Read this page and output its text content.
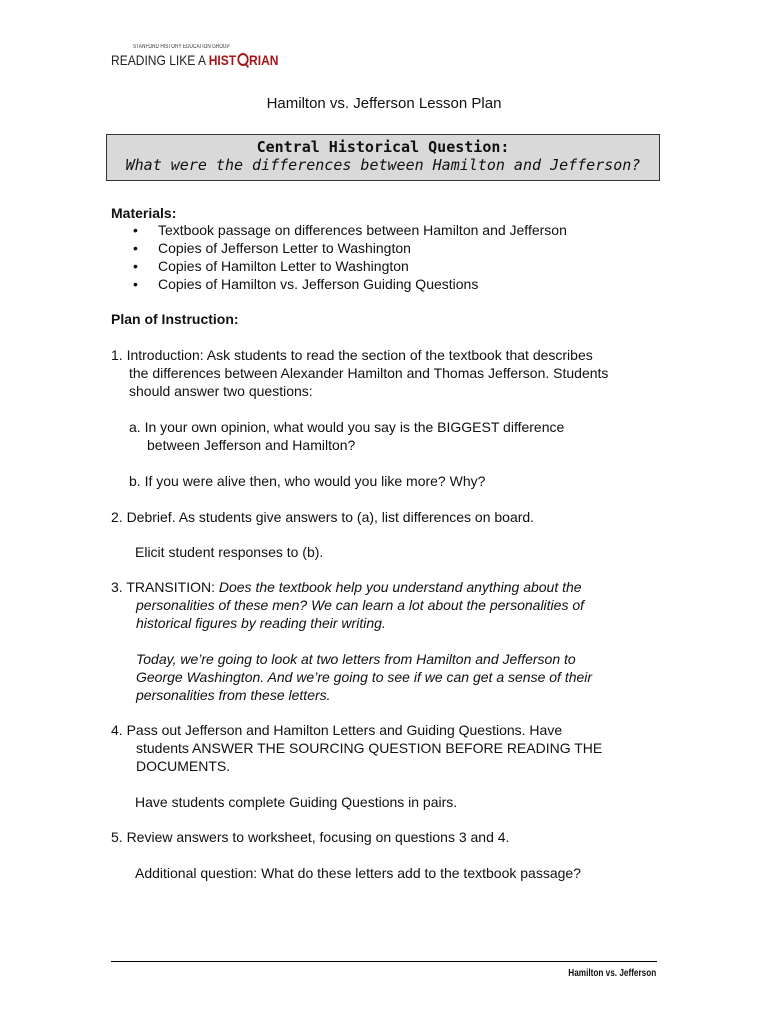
STANFORD HISTORY EDUCATION GROUP
READING LIKE A HIST RIAN
Hamilton vs. Jefferson Lesson Plan
Central Historical Question:
What were the differences between Hamilton and Jefferson?
Materials:
• Textbook passage on differences between Hamilton and Jefferson
• Copies of Jefferson Letter to Washington
• Copies of Hamilton Letter to Washington
• Copies of Hamilton vs. Jefferson Guiding Questions
Plan of Instruction:
1. Introduction: Ask students to read the section of the textbook that describes
the differences between Alexander Hamilton and Thomas Jefferson. Students
should answer two questions:
a. In your own opinion, what would you say is the BIGGEST difference
between Jefferson and Hamilton?
b. If you were alive then, who would you like more? Why?
2. Debrief. As students give answers to (a), list differences on board.
Elicit student responses to (b).
3. TRANSITION: Does the textbook help you understand anything about the
personalities of these men? We can learn a lot about the personalities of
historical figures by reading their writing.
Today, we’re going to look at two letters from Hamilton and Jefferson to
George Washington. And we’re going to see if we can get a sense of their
personalities from these letters.
4. Pass out Jefferson and Hamilton Letters and Guiding Questions. Have
students ANSWER THE SOURCING QUESTION BEFORE READING THE
DOCUMENTS.
Have students complete Guiding Questions in pairs.
5. Review answers to worksheet, focusing on questions 3 and 4.
Additional question: What do these letters add to the textbook passage?
Hamilton vs. Jefferson
